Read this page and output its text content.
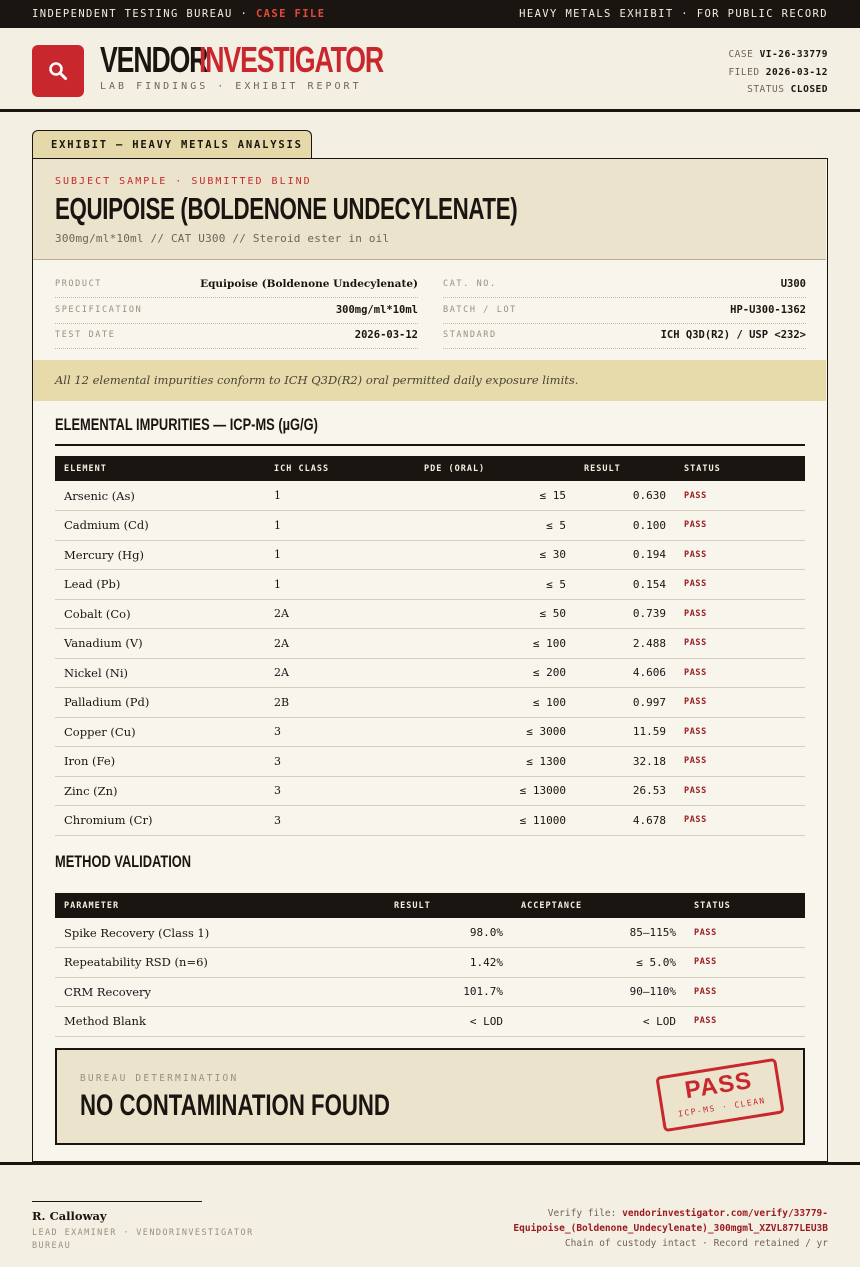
INDEPENDENT TESTING BUREAU · CASE FILE	HEAVY METALS EXHIBIT · FOR PUBLIC RECORD
VENDORINVESTIGATOR
LAB FINDINGS · EXHIBIT REPORT
CASE VI-26-33779
FILED 2026-03-12
STATUS CLOSED
EXHIBIT — HEAVY METALS ANALYSIS
SUBJECT SAMPLE · SUBMITTED BLIND
EQUIPOISE (BOLDENONE UNDECYLENATE)
300mg/ml*10ml // CAT U300 // Steroid ester in oil
PRODUCT	Equipoise (Boldenone Undecylenate)
SPECIFICATION	300mg/ml*10ml
TEST DATE	2026-03-12
CAT. NO.	U300
BATCH / LOT	HP-U300-1362
STANDARD	ICH Q3D(R2) / USP <232>
All 12 elemental impurities conform to ICH Q3D(R2) oral permitted daily exposure limits.
ELEMENTAL IMPURITIES — ICP-MS (µG/G)
ELEMENT	ICH CLASS	PDE (ORAL)	RESULT	STATUS
Arsenic (As)	1	≤ 15	0.630	PASS
Cadmium (Cd)	1	≤ 5	0.100	PASS
Mercury (Hg)	1	≤ 30	0.194	PASS
Lead (Pb)	1	≤ 5	0.154	PASS
Cobalt (Co)	2A	≤ 50	0.739	PASS
Vanadium (V)	2A	≤ 100	2.488	PASS
Nickel (Ni)	2A	≤ 200	4.606	PASS
Palladium (Pd)	2B	≤ 100	0.997	PASS
Copper (Cu)	3	≤ 3000	11.59	PASS
Iron (Fe)	3	≤ 1300	32.18	PASS
Zinc (Zn)	3	≤ 13000	26.53	PASS
Chromium (Cr)	3	≤ 11000	4.678	PASS
METHOD VALIDATION
PARAMETER	RESULT	ACCEPTANCE	STATUS
Spike Recovery (Class 1)	98.0%	85–115%	PASS
Repeatability RSD (n=6)	1.42%	≤ 5.0%	PASS
CRM Recovery	101.7%	90–110%	PASS
Method Blank	< LOD	< LOD	PASS
BUREAU DETERMINATION
NO CONTAMINATION FOUND
PASS
ICP-MS · CLEAN
R. Calloway
LEAD EXAMINER · VENDORINVESTIGATOR BUREAU
Verify file: vendorinvestigator.com/verify/33779-
Equipoise_(Boldenone_Undecylenate)_300mgml_XZVL877LEU3B
Chain of custody intact · Record retained / yr
